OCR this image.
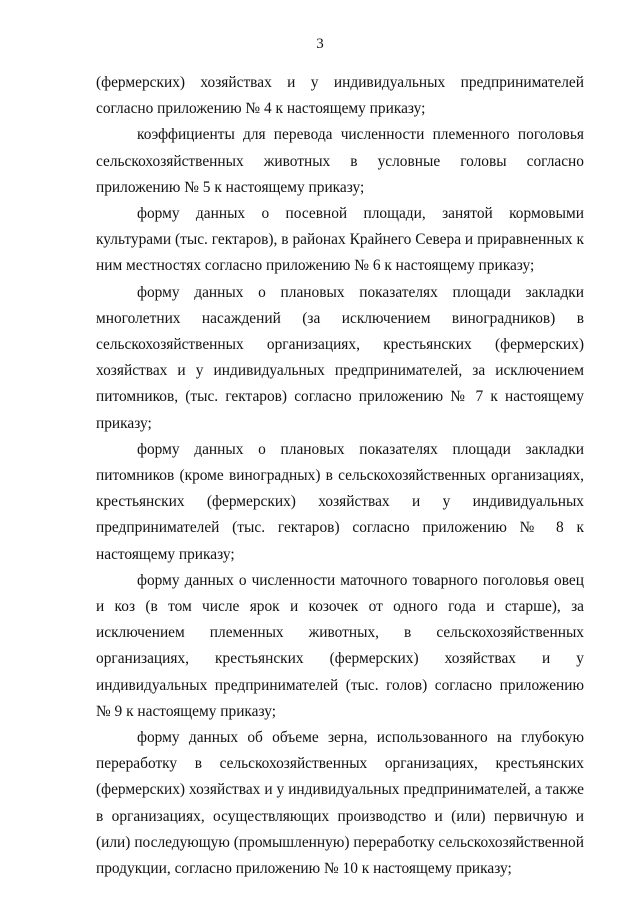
3

(фермерских) хозяйствах и у индивидуальных предпринимателей согласно приложению № 4 к настоящему приказу;

коэффициенты для перевода численности племенного поголовья сельскохозяйственных животных в условные головы согласно приложению № 5 к настоящему приказу;

форму данных о посевной площади, занятой кормовыми культурами (тыс. гектаров), в районах Крайнего Севера и приравненных к ним местностях согласно приложению № 6 к настоящему приказу;

форму данных о плановых показателях площади закладки многолетних насаждений (за исключением виноградников) в сельскохозяйственных организациях, крестьянских (фермерских) хозяйствах и у индивидуальных предпринимателей, за исключением питомников, (тыс. гектаров) согласно приложению № 7 к настоящему приказу;

форму данных о плановых показателях площади закладки питомников (кроме виноградных) в сельскохозяйственных организациях, крестьянских (фермерских) хозяйствах и у индивидуальных предпринимателей (тыс. гектаров) согласно приложению № 8 к настоящему приказу;

форму данных о численности маточного товарного поголовья овец и коз (в том числе ярок и козочек от одного года и старше), за исключением племенных животных, в сельскохозяйственных организациях, крестьянских (фермерских) хозяйствах и у индивидуальных предпринимателей (тыс. голов) согласно приложению № 9 к настоящему приказу;

форму данных об объеме зерна, использованного на глубокую переработку в сельскохозяйственных организациях, крестьянских (фермерских) хозяйствах и у индивидуальных предпринимателей, а также в организациях, осуществляющих производство и (или) первичную и (или) последующую (промышленную) переработку сельскохозяйственной продукции, согласно приложению № 10 к настоящему приказу;
